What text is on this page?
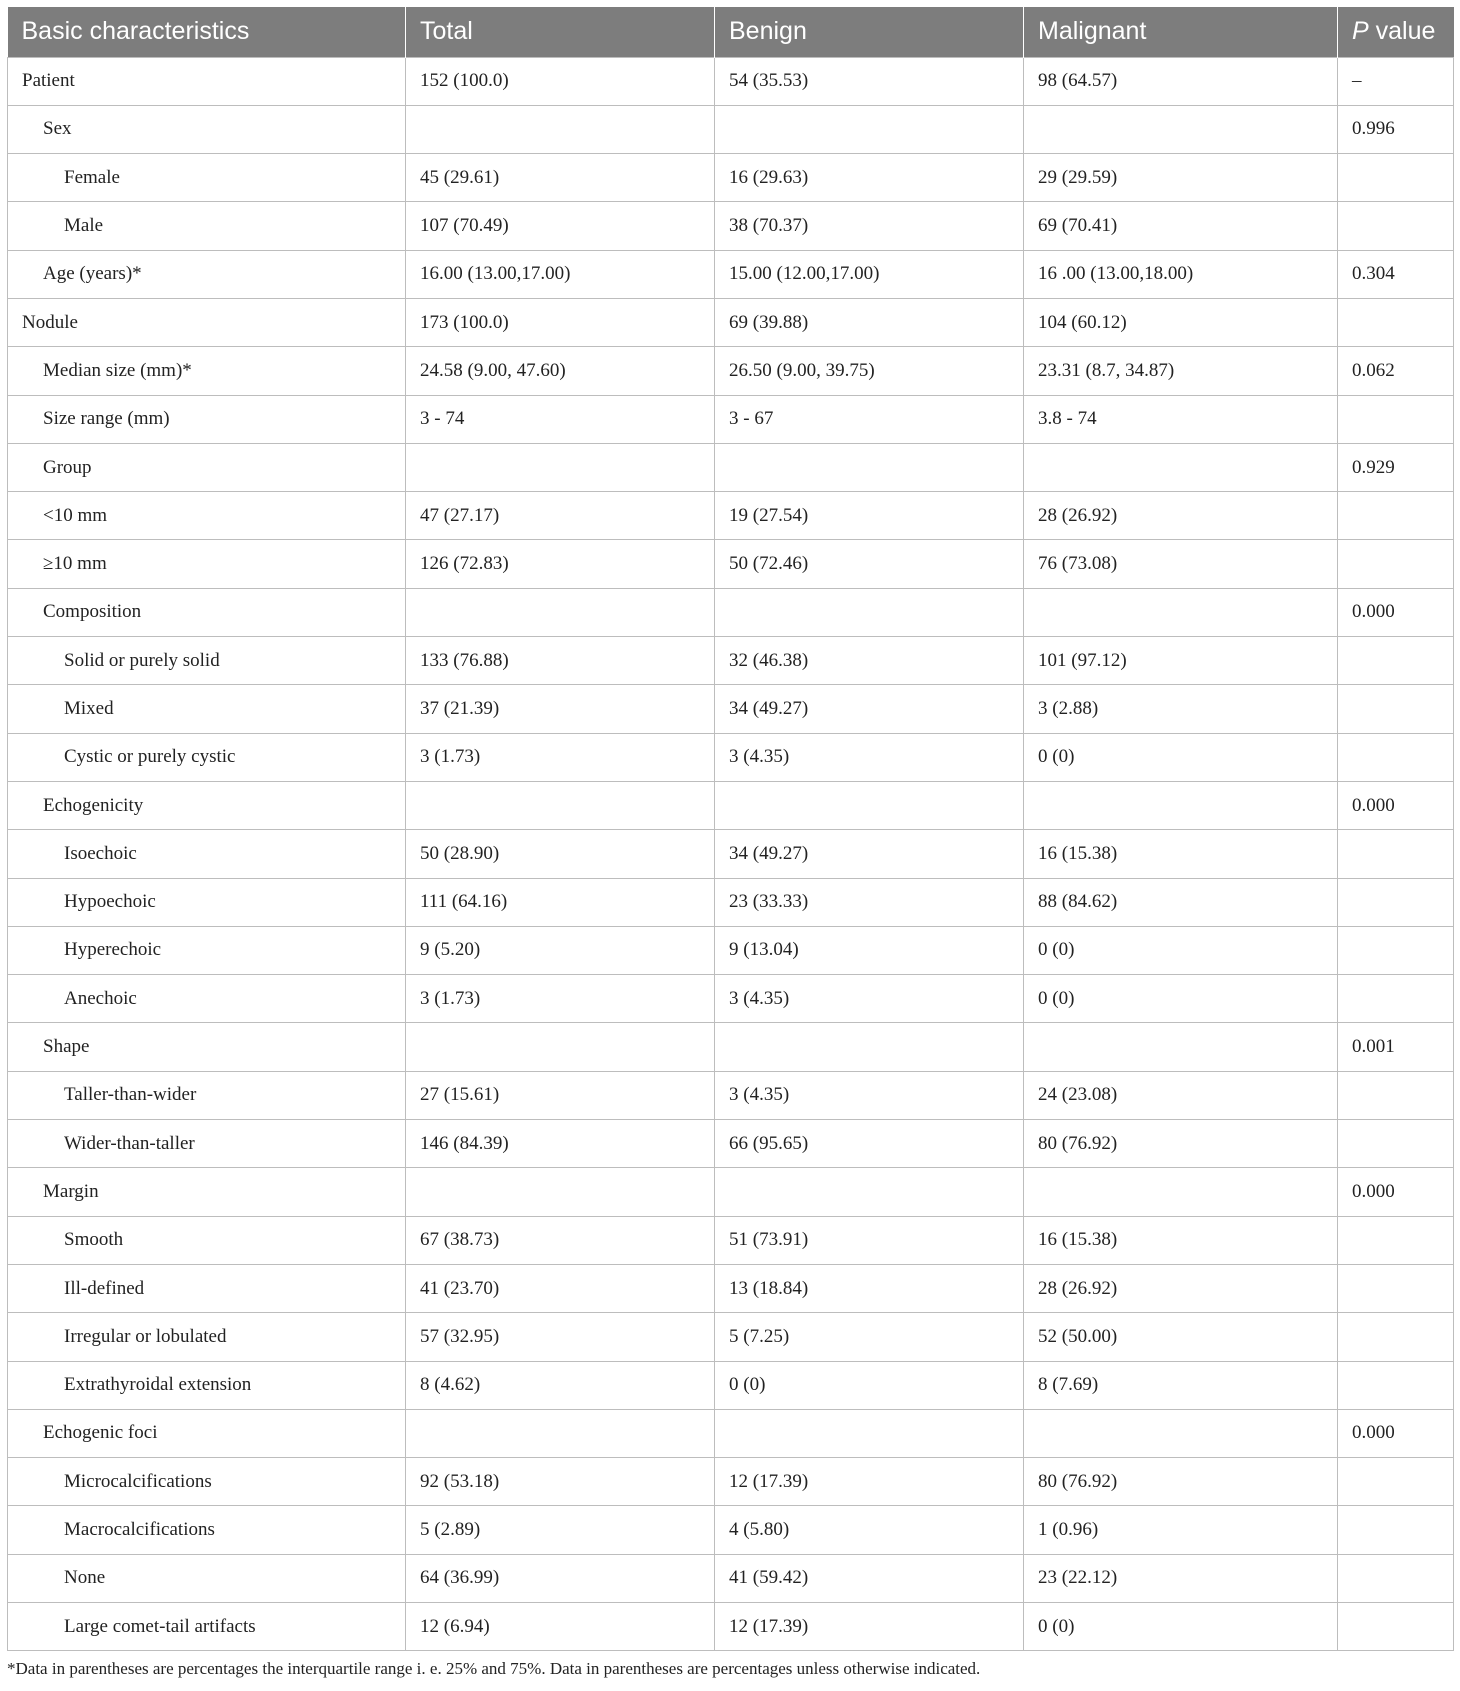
Basic characteristics	Total	Benign	Malignant	P value
Patient	152 (100.0)	54 (35.53)	98 (64.57)	–
Sex				0.996
Female	45 (29.61)	16 (29.63)	29 (29.59)	
Male	107 (70.49)	38 (70.37)	69 (70.41)	
Age (years)*	16.00 (13.00,17.00)	15.00 (12.00,17.00)	16 .00 (13.00,18.00)	0.304
Nodule	173 (100.0)	69 (39.88)	104 (60.12)	
Median size (mm)*	24.58 (9.00, 47.60)	26.50 (9.00, 39.75)	23.31 (8.7, 34.87)	0.062
Size range (mm)	3 - 74	3 - 67	3.8 - 74	
Group				0.929
<10 mm	47 (27.17)	19 (27.54)	28 (26.92)	
≥10 mm	126 (72.83)	50 (72.46)	76 (73.08)	
Composition				0.000
Solid or purely solid	133 (76.88)	32 (46.38)	101 (97.12)	
Mixed	37 (21.39)	34 (49.27)	3 (2.88)	
Cystic or purely cystic	3 (1.73)	3 (4.35)	0 (0)	
Echogenicity				0.000
Isoechoic	50 (28.90)	34 (49.27)	16 (15.38)	
Hypoechoic	111 (64.16)	23 (33.33)	88 (84.62)	
Hyperechoic	9 (5.20)	9 (13.04)	0 (0)	
Anechoic	3 (1.73)	3 (4.35)	0 (0)	
Shape				0.001
Taller-than-wider	27 (15.61)	3 (4.35)	24 (23.08)	
Wider-than-taller	146 (84.39)	66 (95.65)	80 (76.92)	
Margin				0.000
Smooth	67 (38.73)	51 (73.91)	16 (15.38)	
Ill-defined	41 (23.70)	13 (18.84)	28 (26.92)	
Irregular or lobulated	57 (32.95)	5 (7.25)	52 (50.00)	
Extrathyroidal extension	8 (4.62)	0 (0)	8 (7.69)	
Echogenic foci				0.000
Microcalcifications	92 (53.18)	12 (17.39)	80 (76.92)	
Macrocalcifications	5 (2.89)	4 (5.80)	1 (0.96)	
None	64 (36.99)	41 (59.42)	23 (22.12)	
Large comet-tail artifacts	12 (6.94)	12 (17.39)	0 (0)	
*Data in parentheses are percentages the interquartile range i. e. 25% and 75%. Data in parentheses are percentages unless otherwise indicated.
